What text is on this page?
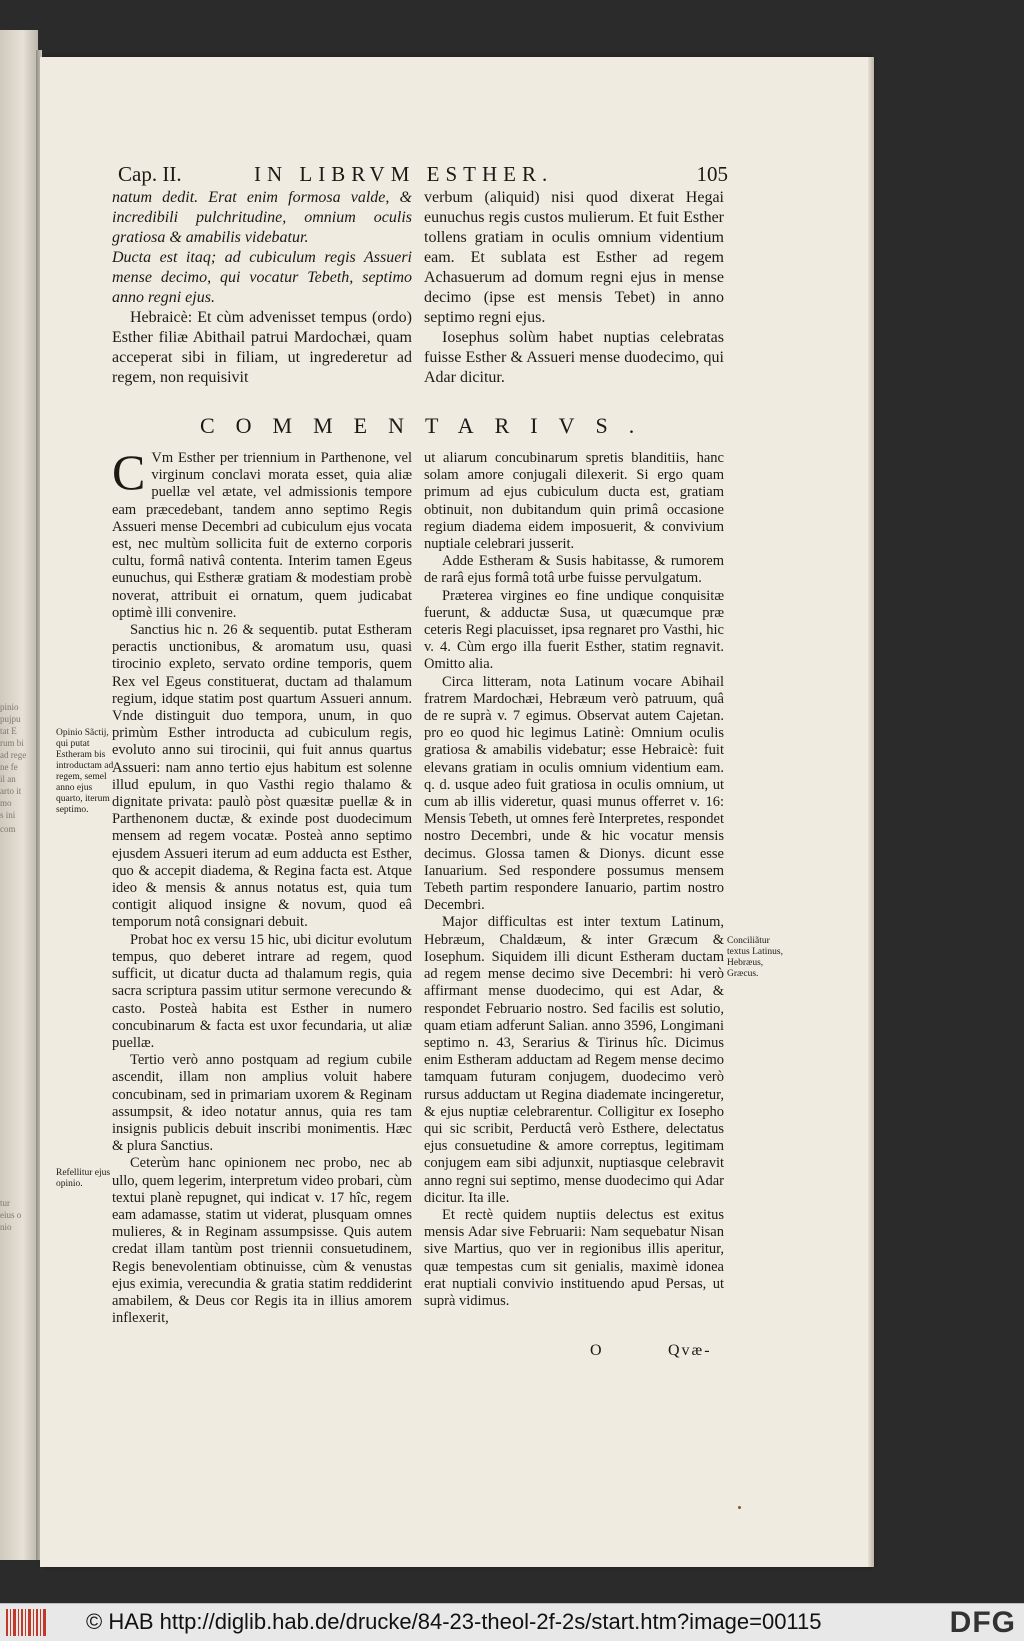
pinio
pujpu
tat E
rum bi
ad rege
ne fe
il an
arto it
mo
s ini
com
tur
eius o
nio
Cap. II.	IN LIBRVM ESTHER.	105

natum dedit. Erat enim formosa valde, & incredibili pulchritudine, omnium oculis gratiosa & amabilis videbatur.

Ducta est itaq; ad cubiculum regis Assueri mense decimo, qui vocatur Tebeth, septimo anno regni ejus.

Hebraicè: Et cùm advenisset tempus (ordo) Esther filiæ Abithail patrui Mardochæi, quam acceperat sibi in filiam, ut ingrederetur ad regem, non requisivit

verbum (aliquid) nisi quod dixerat Hegai eunuchus regis custos mulierum. Et fuit Esther tollens gratiam in oculis omnium videntium eam. Et sublata est Esther ad regem Achasuerum ad domum regni ejus in mense decimo (ipse est mensis Tebet) in anno septimo regni ejus.

Iosephus solùm habet nuptias celebratas fuisse Esther & Assueri mense duodecimo, qui Adar dicitur.

COMMENTARIVS.

C Vm Esther per triennium in Parthenone, vel virginum conclavi morata esset, quia aliæ puellæ vel ætate, vel admissionis tempore eam præcedebant, tandem anno septimo Regis Assueri mense Decembri ad cubiculum ejus vocata est, nec multùm sollicita fuit de externo corporis cultu, formâ nativâ contenta. Interim tamen Egeus eunuchus, qui Estheræ gratiam & modestiam probè noverat, attribuit ei ornatum, quem judicabat optimè illi convenire.

Sanctius hic n. 26 & sequentib. putat Estheram peractis unctionibus, & aromatum usu, quasi tirocinio expleto, servato ordine temporis, quem Rex vel Egeus constituerat, ductam ad thalamum regium, idque statim post quartum Assueri annum. Vnde distinguit duo tempora, unum, in quo primùm Esther introducta ad cubiculum regis, evoluto anno sui tirocinii, qui fuit annus quartus Assueri: nam anno tertio ejus habitum est solenne illud epulum, in quo Vasthi regio thalamo & dignitate privata: paulò pòst quæsitæ puellæ & in Parthenonem ductæ, & exinde post duodecimum mensem ad regem vocatæ. Posteà anno septimo ejusdem Assueri iterum ad eum adducta est Esther, quo & accepit diadema, & Regina facta est. Atque ideo & mensis & annus notatus est, quia tum contigit aliquod insigne & novum, quod eâ temporum notâ consignari debuit.

Probat hoc ex versu 15 hic, ubi dicitur evolutum tempus, quo deberet intrare ad regem, quod sufficit, ut dicatur ducta ad thalamum regis, quia sacra scriptura passim utitur sermone verecundo & casto. Posteà habita est Esther in numero concubinarum & facta est uxor fecundaria, ut aliæ puellæ.

Tertio verò anno postquam ad regium cubile ascendit, illam non amplius voluit habere concubinam, sed in primariam uxorem & Reginam assumpsit, & ideo notatur annus, quia res tam insignis publicis debuit inscribi monimentis. Hæc & plura Sanctius.

Ceterùm hanc opinionem nec probo, nec ab ullo, quem legerim, interpretum video probari, cùm textui planè repugnet, qui indicat v. 17 hîc, regem eam adamasse, statim ut viderat, plusquam omnes mulieres, & in Reginam assumpsisse. Quis autem credat illam tantùm post triennii consuetudinem, Regis benevolentiam obtinuisse, cùm & venustas ejus eximia, verecundia & gratia statim reddiderint amabilem, & Deus cor Regis ita in illius amorem inflexerit,

ut aliarum concubinarum spretis blanditiis, hanc solam amore conjugali dilexerit. Si ergo quam primum ad ejus cubiculum ducta est, gratiam obtinuit, non dubitandum quin primâ occasione regium diadema eidem imposuerit, & convivium nuptiale celebrari jusserit.

Adde Estheram & Susis habitasse, & rumorem de rarâ ejus formâ totâ urbe fuisse pervulgatum.

Præterea virgines eo fine undique conquisitæ fuerunt, & adductæ Susa, ut quæcumque præ ceteris Regi placuisset, ipsa regnaret pro Vasthi, hic v. 4. Cùm ergo illa fuerit Esther, statim regnavit. Omitto alia.

Circa litteram, nota Latinum vocare Abihail fratrem Mardochæi, Hebræum verò patruum, quâ de re suprà v. 7 egimus. Observat autem Cajetan. pro eo quod hic legimus Latinè: Omnium oculis gratiosa & amabilis videbatur; esse Hebraicè: fuit elevans gratiam in oculis omnium videntium eam. q. d. usque adeo fuit gratiosa in oculis omnium, ut cum ab illis videretur, quasi munus offerret v. 16: Mensis Tebeth, ut omnes ferè Interpretes, respondet nostro Decembri, unde & hic vocatur mensis decimus. Glossa tamen & Dionys. dicunt esse Ianuarium. Sed respondere possumus mensem Tebeth partim respondere Ianuario, partim nostro Decembri.

Major difficultas est inter textum Latinum, Hebræum, Chaldæum, & inter Græcum & Iosephum. Siquidem illi dicunt Estheram ductam ad regem mense decimo sive Decembri: hi verò affirmant mense duodecimo, qui est Adar, & respondet Februario nostro. Sed facilis est solutio, quam etiam adferunt Salian. anno 3596, Longimani septimo n. 43, Serarius & Tirinus hîc. Dicimus enim Estheram adductam ad Regem mense decimo tamquam futuram conjugem, duodecimo verò rursus adductam ut Regina diademate incingeretur, & ejus nuptiæ celebrarentur. Colligitur ex Iosepho qui sic scribit, Perductâ verò Esthere, delectatus ejus consuetudine & amore correptus, legitimam conjugem eam sibi adjunxit, nuptiasque celebravit anno regni sui septimo, mense duodecimo qui Adar dicitur. Ita ille.

Et rectè quidem nuptiis delectus est exitus mensis Adar sive Februarii: Nam sequebatur Nisan sive Martius, quo ver in regionibus illis aperitur, quæ tempestas cum sit genialis, maximè idonea erat nuptiali convivio instituendo apud Persas, ut suprà vidimus.

Opinio Sãctij, qui putat Estheram bis introductam ad regem, semel anno ejus quarto, iterum septimo.
Refellitur ejus opinio.
Conciliãtur textus Latinus, Hebræus, Græcus.
O	Qvæ-
© HAB http://diglib.hab.de/drucke/84-23-theol-2f-2s/start.htm?image=00115	DFG
